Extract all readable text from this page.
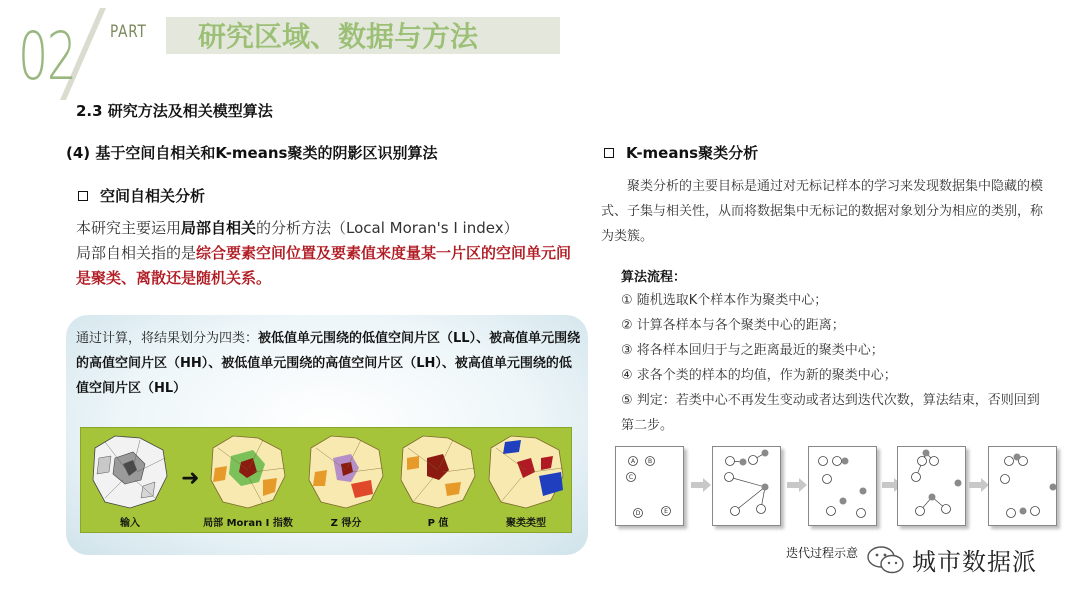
02 PART 研究区域、数据与方法
2.3 研究方法及相关模型算法
(4) 基于空间自相关和K-means聚类的阴影区识别算法
空间自相关分析
本研究主要运用局部自相关的分析方法（Local Moran's I index）
局部自相关指的是综合要素空间位置及要素值来度量某一片区的空间单元间是聚类、离散还是随机关系。
通过计算，将结果划分为四类：被低值单元围绕的低值空间片区（LL）、被高值单元围绕的高值空间片区（HH）、被低值单元围绕的高值空间片区（LH）、被高值单元围绕的低值空间片区（HL）
输入
➜
局部 Moran I 指数	Z 得分	P 值	聚类类型
K-means聚类分析
聚类分析的主要目标是通过对无标记样本的学习来发现数据集中隐藏的模式、子集与相关性，从而将数据集中无标记的数据对象划分为相应的类别，称为类簇。
算法流程：
① 随机选取K个样本作为聚类中心；
② 计算各样本与各个聚类中心的距离；
③ 将各样本回归于与之距离最近的聚类中心；
④ 求各个类的样本的均值，作为新的聚类中心；
⑤ 判定：若类中心不再发生变动或者达到迭代次数，算法结束，否则回到第二步。
A B
C
D	E
迭代过程示意 城市数据派
